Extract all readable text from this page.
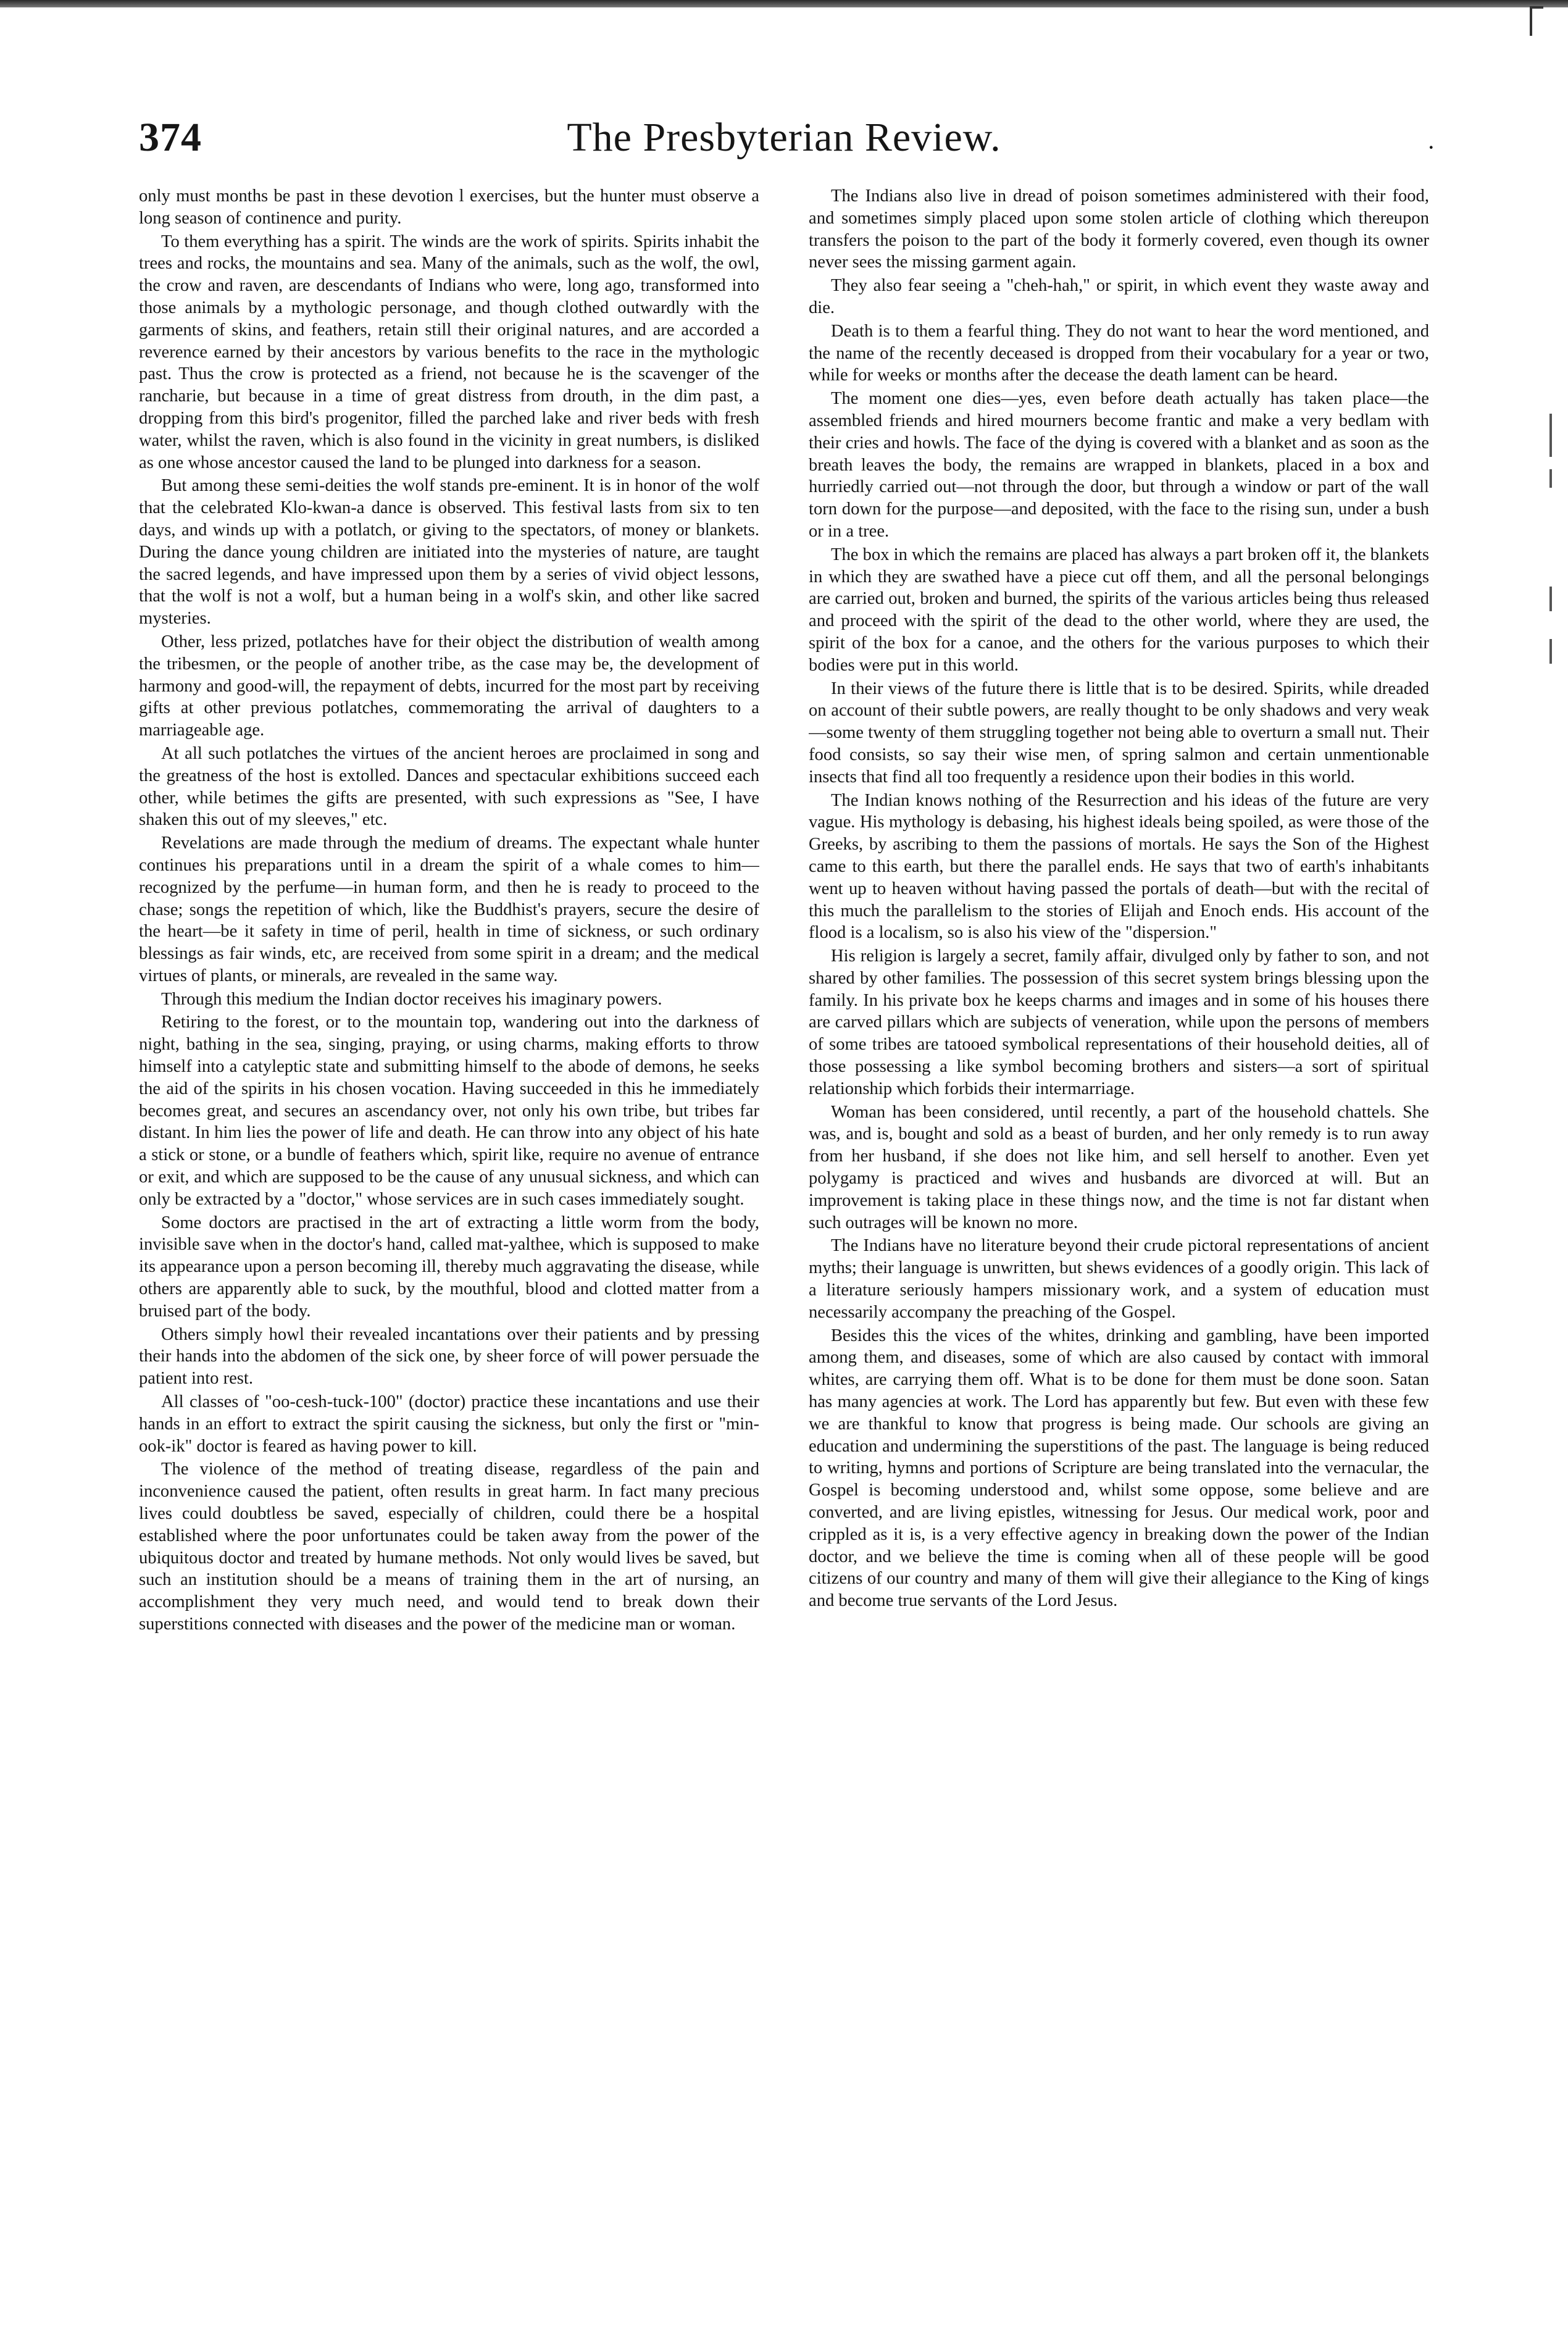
374	The Presbyterian Review.	·

only must months be past in these devotion l exercises, but the hunter must observe a long season of continence and purity.

To them everything has a spirit. The winds are the work of spirits. Spirits inhabit the trees and rocks, the mountains and sea. Many of the animals, such as the wolf, the owl, the crow and raven, are descendants of Indians who were, long ago, transformed into those animals by a mythologic personage, and though clothed outwardly with the garments of skins, and feathers, retain still their original natures, and are accorded a reverence earned by their ancestors by various benefits to the race in the mythologic past. Thus the crow is protected as a friend, not because he is the scavenger of the rancharie, but because in a time of great distress from drouth, in the dim past, a dropping from this bird's progenitor, filled the parched lake and river beds with fresh water, whilst the raven, which is also found in the vicinity in great numbers, is disliked as one whose ancestor caused the land to be plunged into darkness for a season.

But among these semi-deities the wolf stands pre-eminent. It is in honor of the wolf that the celebrated Klo-kwan-a dance is observed. This festival lasts from six to ten days, and winds up with a potlatch, or giving to the spectators, of money or blankets. During the dance young children are initiated into the mysteries of nature, are taught the sacred legends, and have impressed upon them by a series of vivid object lessons, that the wolf is not a wolf, but a human being in a wolf's skin, and other like sacred mysteries.

Other, less prized, potlatches have for their object the distribution of wealth among the tribesmen, or the people of another tribe, as the case may be, the development of harmony and good-will, the repayment of debts, incurred for the most part by receiving gifts at other previous potlatches, commemorating the arrival of daughters to a marriageable age.

At all such potlatches the virtues of the ancient heroes are proclaimed in song and the greatness of the host is extolled. Dances and spectacular exhibitions succeed each other, while betimes the gifts are presented, with such expressions as "See, I have shaken this out of my sleeves," etc.

Revelations are made through the medium of dreams. The expectant whale hunter continues his preparations until in a dream the spirit of a whale comes to him—recognized by the perfume—in human form, and then he is ready to proceed to the chase; songs the repetition of which, like the Buddhist's prayers, secure the desire of the heart—be it safety in time of peril, health in time of sickness, or such ordinary blessings as fair winds, etc, are received from some spirit in a dream; and the medical virtues of plants, or minerals, are revealed in the same way.

Through this medium the Indian doctor receives his imaginary powers.

Retiring to the forest, or to the mountain top, wandering out into the darkness of night, bathing in the sea, singing, praying, or using charms, making efforts to throw himself into a catyleptic state and submitting himself to the abode of demons, he seeks the aid of the spirits in his chosen vocation. Having succeeded in this he immediately becomes great, and secures an ascendancy over, not only his own tribe, but tribes far distant. In him lies the power of life and death. He can throw into any object of his hate a stick or stone, or a bundle of feathers which, spirit like, require no avenue of entrance or exit, and which are supposed to be the cause of any unusual sickness, and which can only be extracted by a "doctor," whose services are in such cases immediately sought.

Some doctors are practised in the art of extracting a little worm from the body, invisible save when in the doctor's hand, called mat-yalthee, which is supposed to make its appearance upon a person becoming ill, thereby much aggravating the disease, while others are apparently able to suck, by the mouthful, blood and clotted matter from a bruised part of the body.

Others simply howl their revealed incantations over their patients and by pressing their hands into the abdomen of the sick one, by sheer force of will power persuade the patient into rest.

All classes of "oo-cesh-tuck-100" (doctor) practice these incantations and use their hands in an effort to extract the spirit causing the sickness, but only the first or "min-ook-ik" doctor is feared as having power to kill.

The violence of the method of treating disease, regardless of the pain and inconvenience caused the patient, often results in great harm. In fact many precious lives could doubtless be saved, especially of children, could there be a hospital established where the poor unfortunates could be taken away from the power of the ubiquitous doctor and treated by humane methods. Not only would lives be saved, but such an institution should be a means of training them in the art of nursing, an accomplishment they very much need, and would tend to break down their superstitions connected with diseases and the power of the medicine man or woman.

The Indians also live in dread of poison sometimes administered with their food, and sometimes simply placed upon some stolen article of clothing which thereupon transfers the poison to the part of the body it formerly covered, even though its owner never sees the missing garment again.

They also fear seeing a "cheh-hah," or spirit, in which event they waste away and die.

Death is to them a fearful thing. They do not want to hear the word mentioned, and the name of the recently deceased is dropped from their vocabulary for a year or two, while for weeks or months after the decease the death lament can be heard.

The moment one dies—yes, even before death actually has taken place—the assembled friends and hired mourners become frantic and make a very bedlam with their cries and howls. The face of the dying is covered with a blanket and as soon as the breath leaves the body, the remains are wrapped in blankets, placed in a box and hurriedly carried out—not through the door, but through a window or part of the wall torn down for the purpose—and deposited, with the face to the rising sun, under a bush or in a tree.

The box in which the remains are placed has always a part broken off it, the blankets in which they are swathed have a piece cut off them, and all the personal belongings are carried out, broken and burned, the spirits of the various articles being thus released and proceed with the spirit of the dead to the other world, where they are used, the spirit of the box for a canoe, and the others for the various purposes to which their bodies were put in this world.

In their views of the future there is little that is to be desired. Spirits, while dreaded on account of their subtle powers, are really thought to be only shadows and very weak—some twenty of them struggling together not being able to overturn a small nut. Their food consists, so say their wise men, of spring salmon and certain unmentionable insects that find all too frequently a residence upon their bodies in this world.

The Indian knows nothing of the Resurrection and his ideas of the future are very vague. His mythology is debasing, his highest ideals being spoiled, as were those of the Greeks, by ascribing to them the passions of mortals. He says the Son of the Highest came to this earth, but there the parallel ends. He says that two of earth's inhabitants went up to heaven without having passed the portals of death—but with the recital of this much the parallelism to the stories of Elijah and Enoch ends. His account of the flood is a localism, so is also his view of the "dispersion."

His religion is largely a secret, family affair, divulged only by father to son, and not shared by other families. The possession of this secret system brings blessing upon the family. In his private box he keeps charms and images and in some of his houses there are carved pillars which are subjects of veneration, while upon the persons of members of some tribes are tatooed symbolical representations of their household deities, all of those possessing a like symbol becoming brothers and sisters—a sort of spiritual relationship which forbids their intermarriage.

Woman has been considered, until recently, a part of the household chattels. She was, and is, bought and sold as a beast of burden, and her only remedy is to run away from her husband, if she does not like him, and sell herself to another. Even yet polygamy is practiced and wives and husbands are divorced at will. But an improvement is taking place in these things now, and the time is not far distant when such outrages will be known no more.

The Indians have no literature beyond their crude pictoral representations of ancient myths; their language is unwritten, but shews evidences of a goodly origin. This lack of a literature seriously hampers missionary work, and a system of education must necessarily accompany the preaching of the Gospel.

Besides this the vices of the whites, drinking and gambling, have been imported among them, and diseases, some of which are also caused by contact with immoral whites, are carrying them off. What is to be done for them must be done soon. Satan has many agencies at work. The Lord has apparently but few. But even with these few we are thankful to know that progress is being made. Our schools are giving an education and undermining the superstitions of the past. The language is being reduced to writing, hymns and portions of Scripture are being translated into the vernacular, the Gospel is becoming understood and, whilst some oppose, some believe and are converted, and are living epistles, witnessing for Jesus. Our medical work, poor and crippled as it is, is a very effective agency in breaking down the power of the Indian doctor, and we believe the time is coming when all of these people will be good citizens of our country and many of them will give their allegiance to the King of kings and become true servants of the Lord Jesus.
